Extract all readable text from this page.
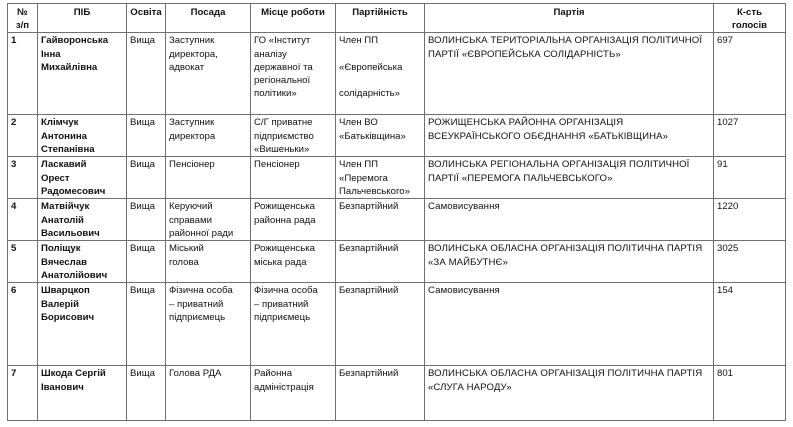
№
з/п	ПІБ	Освіта	Посада	Місце роботи	Партійність	Партія	К-сть
голосів
1	Гайворонська
Інна
Михайлівна	Вища	Заступник
директора,
адвокат	ГО «Інститут
аналізу
державної та
регіональної
політики»	Член ПП

«Європейська

солідарність»	ВОЛИНСЬКА ТЕРИТОРІАЛЬНА ОРГАНІЗАЦІЯ ПОЛІТИЧНОЇ
ПАРТІЇ «ЄВРОПЕЙСЬКА СОЛІДАРНІСТЬ»	697
2	Клімчук
Антонина
Степанівна	Вища	Заступник
директора	С/Г приватне
підприємство
«Вишеньки»	Член ВО
«Батьківщина»	РОЖИЩЕНСЬКА РАЙОННА ОРГАНІЗАЦІЯ
ВСЕУКРАЇНСЬКОГО ОБЄДНАННЯ «БАТЬКІВЩИНА»	1027
3	Ласкавий
Орест
Радомесович	Вища	Пенсіонер	Пенсіонер	Член ПП
«Перемога
Пальчевського»	ВОЛИНСЬКА РЕГІОНАЛЬНА ОРГАНІЗАЦІЯ ПОЛІТИЧНОЇ
ПАРТІЇ «ПЕРЕМОГА ПАЛЬЧЕВСЬКОГО»	91
4	Матвійчук
Анатолій
Васильович	Вища	Керуючий
справами
районної ради	Рожищенська
районна рада	Безпартійний	Самовисування	1220
5	Поліщук
Вячеслав
Анатолійович	Вища	Міський
голова	Рожищенська
міська рада	Безпартійний	ВОЛИНСЬКА ОБЛАСНА ОРГАНІЗАЦІЯ ПОЛІТИЧНА ПАРТІЯ
«ЗА МАЙБУТНЄ»	3025
6	Шварцкоп
Валерій
Борисович	Вища	Фізична особа
– приватний
підприємець	Фізична особа
– приватний
підприємець	Безпартійний	Самовисування	154
7	Шкода Сергій
Іванович	Вища	Голова РДА	Районна
адміністрація	Безпартійний	ВОЛИНСЬКА ОБЛАСНА ОРГАНІЗАЦІЯ ПОЛІТИЧНА ПАРТІЯ
«СЛУГА НАРОДУ»	801
